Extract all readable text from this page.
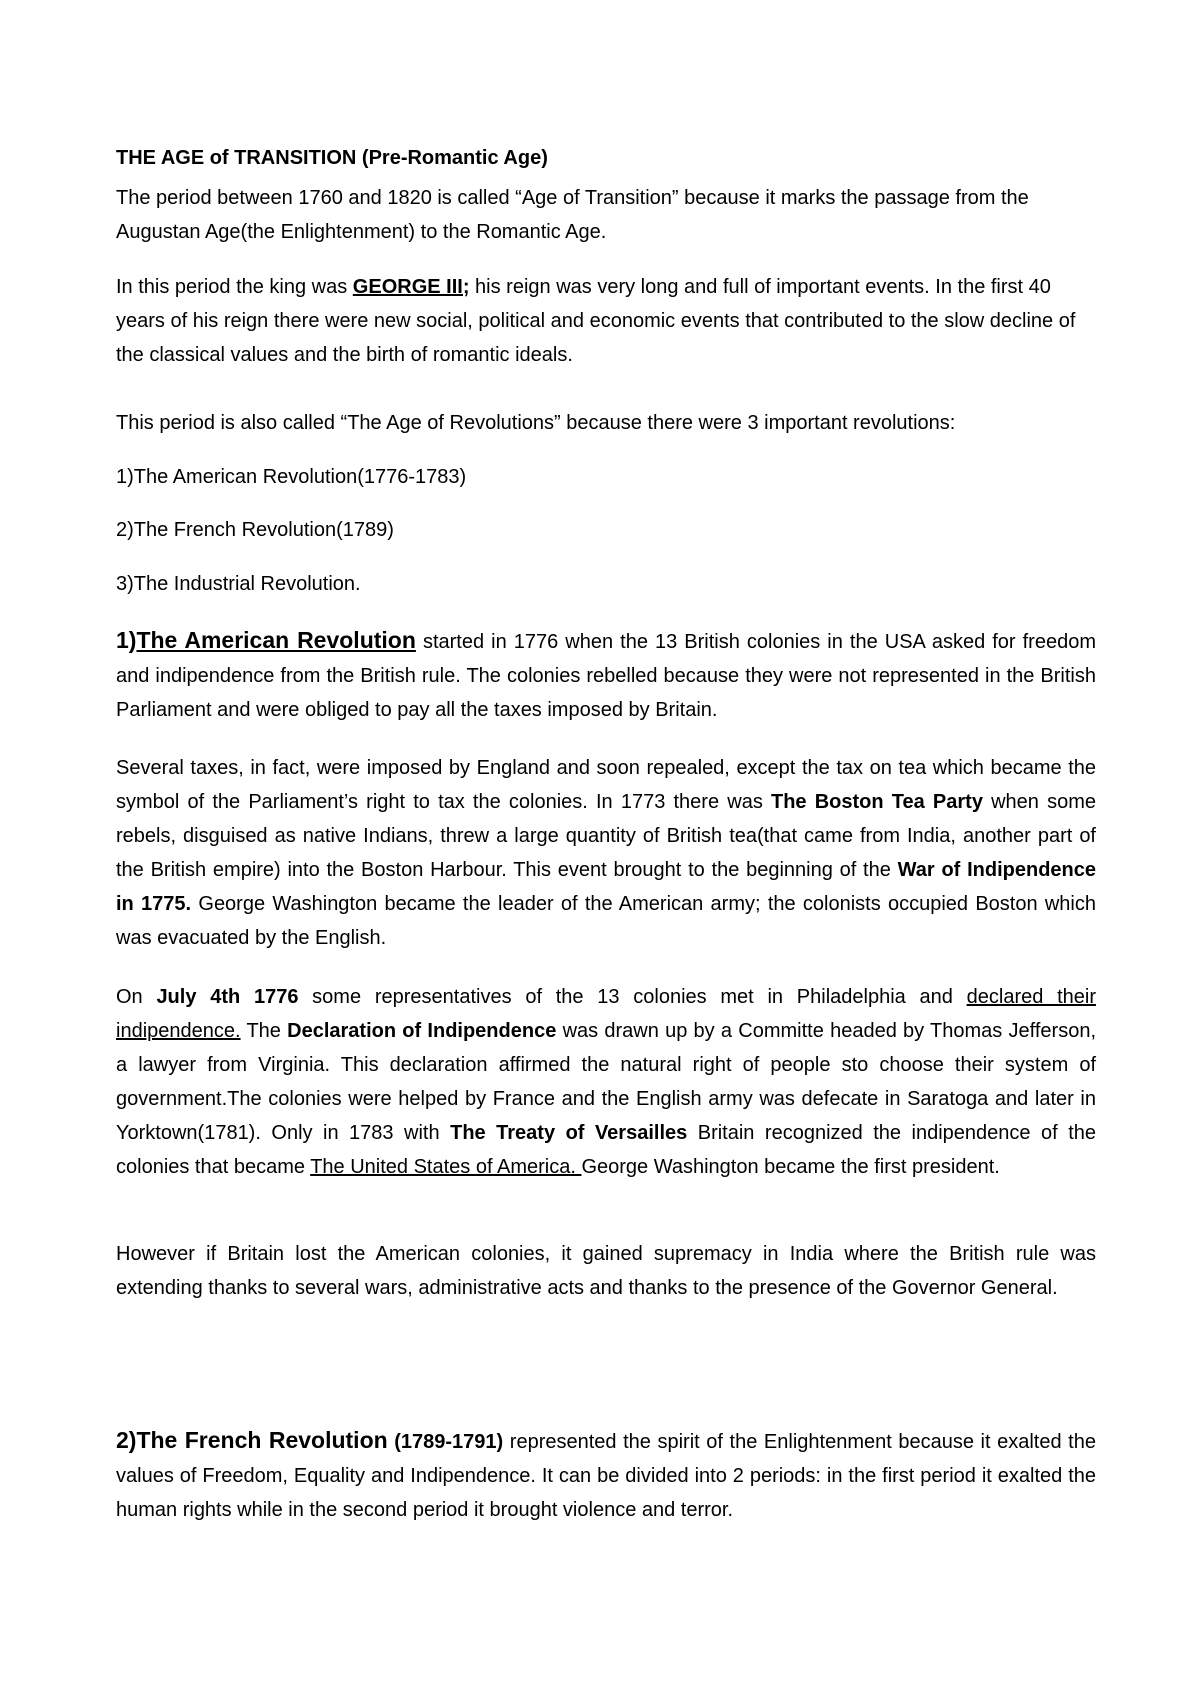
THE AGE of TRANSITION (Pre-Romantic Age)

The period between 1760 and 1820 is called “Age of Transition” because it marks the passage from the Augustan Age(the Enlightenment) to the Romantic Age.

In this period the king was GEORGE III; his reign was very long and full of important events. In the first 40 years of his reign there were new social, political and economic events that contributed to the slow decline of the classical values and the birth of romantic ideals.

This period is also called “The Age of Revolutions” because there were 3 important revolutions:

1)The American Revolution(1776-1783)

2)The French Revolution(1789)

3)The Industrial Revolution.

1)The American Revolution started in 1776 when the 13 British colonies in the USA asked for freedom and indipendence from the British rule. The colonies rebelled because they were not represented in the British Parliament and were obliged to pay all the taxes imposed by Britain.

Several taxes, in fact, were imposed by England and soon repealed, except the tax on tea which became the symbol of the Parliament’s right to tax the colonies. In 1773 there was The Boston Tea Party when some rebels, disguised as native Indians, threw a large quantity of British tea(that came from India, another part of the British empire) into the Boston Harbour. This event brought to the beginning of the War of Indipendence in 1775. George Washington became the leader of the American army; the colonists occupied Boston which was evacuated by the English.

On July 4th 1776 some representatives of the 13 colonies met in Philadelphia and declared their indipendence. The Declaration of Indipendence was drawn up by a Committe headed by Thomas Jefferson, a lawyer from Virginia. This declaration affirmed the natural right of people sto choose their system of government.The colonies were helped by France and the English army was defecate in Saratoga and later in Yorktown(1781). Only in 1783 with The Treaty of Versailles Britain recognized the indipendence of the colonies that became The United States of America. George Washington became the first president.

However if Britain lost the American colonies, it gained supremacy in India where the British rule was extending thanks to several wars, administrative acts and thanks to the presence of the Governor General.

2)The French Revolution (1789-1791) represented the spirit of the Enlightenment because it exalted the values of Freedom, Equality and Indipendence. It can be divided into 2 periods: in the first period it exalted the human rights while in the second period it brought violence and terror.
